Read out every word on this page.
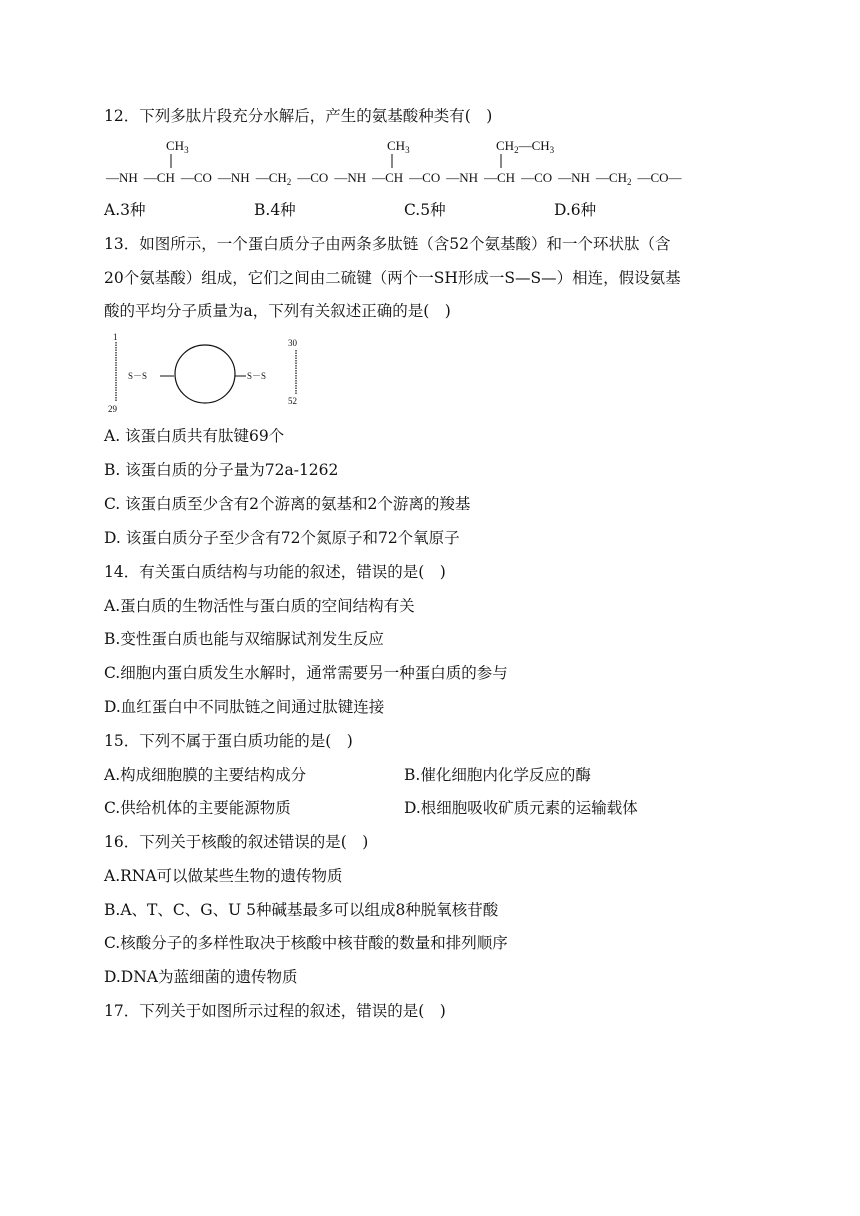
12．下列多肽片段充分水解后，产生的氨基酸种类有(　)
$CH_3$	$CH_3$	$CH_2—CH_3$
—NH —CH —CO —NH $—CH_2$ —CO —NH —CH —CO —NH —CH —CO —NH $—CH_2$ —CO—
A.3种	B.4种	C.5种	D.6种
13．如图所示，一个蛋白质分子由两条多肽链（含52个氨基酸）和一个环状肽（含
20个氨基酸）组成，它们之间由二硫键（两个一SH形成一S—S—）相连，假设氨基
酸的平均分子质量为a，下列有关叙述正确的是(　)
1
29
S－S	S－S
30
52
A. 该蛋白质共有肽键69个
B. 该蛋白质的分子量为72a-1262
C. 该蛋白质至少含有2个游离的氨基和2个游离的羧基
D. 该蛋白质分子至少含有72个氮原子和72个氧原子
14．有关蛋白质结构与功能的叙述，错误的是(　)
A.蛋白质的生物活性与蛋白质的空间结构有关
B.变性蛋白质也能与双缩脲试剂发生反应
C.细胞内蛋白质发生水解时，通常需要另一种蛋白质的参与
D.血红蛋白中不同肽链之间通过肽键连接
15．下列不属于蛋白质功能的是(　)
A.构成细胞膜的主要结构成分	B.催化细胞内化学反应的酶
C.供给机体的主要能源物质	D.根细胞吸收矿质元素的运输载体
16．下列关于核酸的叙述错误的是(　)
A.RNA可以做某些生物的遗传物质
B.A、T、C、G、U 5种碱基最多可以组成8种脱氧核苷酸
C.核酸分子的多样性取决于核酸中核苷酸的数量和排列顺序
D.DNA为蓝细菌的遗传物质
17．下列关于如图所示过程的叙述，错误的是(　)
